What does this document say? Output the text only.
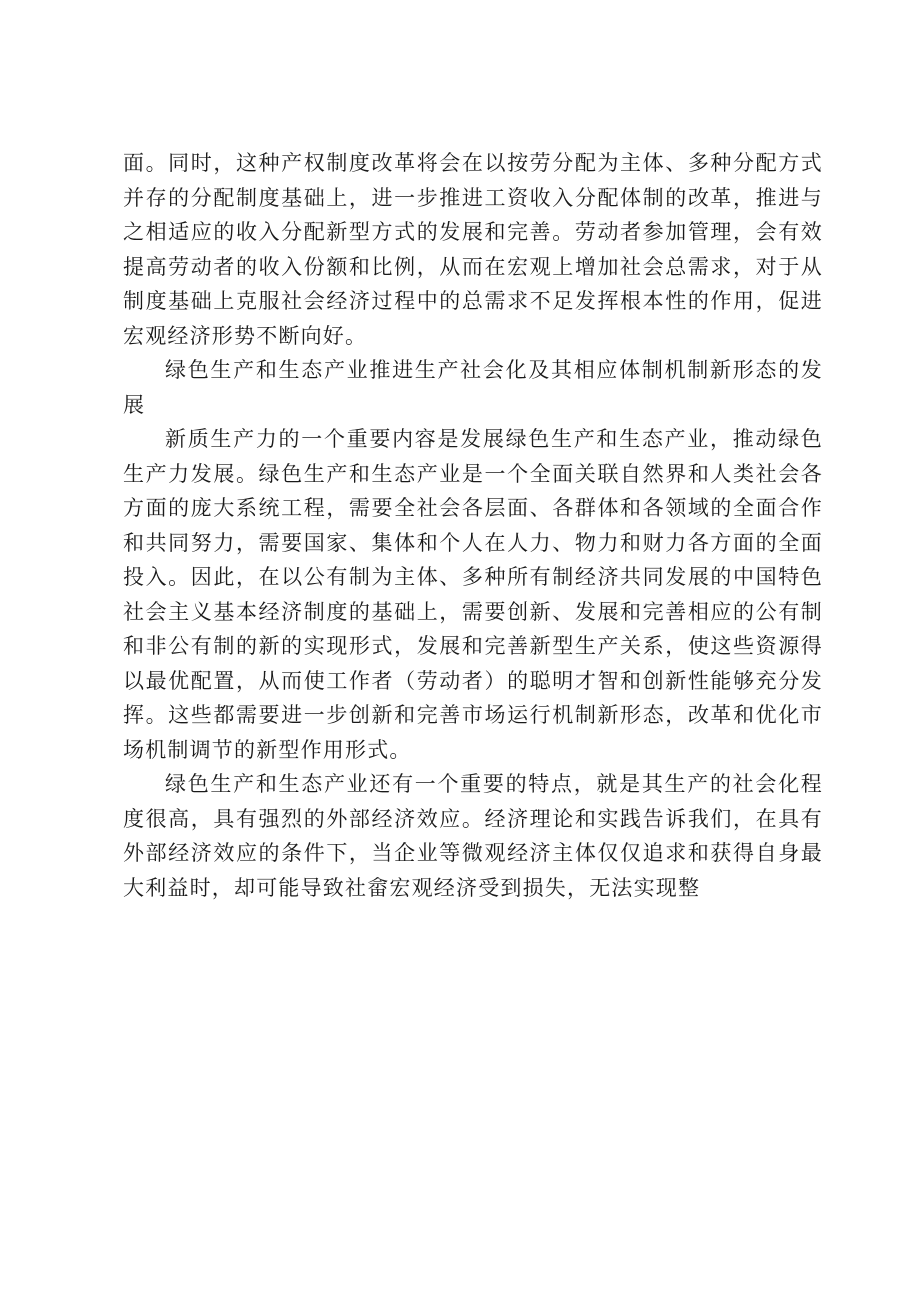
面。同时，这种产权制度改革将会在以按劳分配为主体、多种分配方式并存的分配制度基础上，进一步推进工资收入分配体制的改革，推进与之相适应的收入分配新型方式的发展和完善。劳动者参加管理，会有效提高劳动者的收入份额和比例，从而在宏观上增加社会总需求，对于从制度基础上克服社会经济过程中的总需求不足发挥根本性的作用，促进宏观经济形势不断向好。

绿色生产和生态产业推进生产社会化及其相应体制机制新形态的发展

新质生产力的一个重要内容是发展绿色生产和生态产业，推动绿色生产力发展。绿色生产和生态产业是一个全面关联自然界和人类社会各方面的庞大系统工程，需要全社会各层面、各群体和各领域的全面合作和共同努力，需要国家、集体和个人在人力、物力和财力各方面的全面投入。因此，在以公有制为主体、多种所有制经济共同发展的中国特色社会主义基本经济制度的基础上，需要创新、发展和完善相应的公有制和非公有制的新的实现形式，发展和完善新型生产关系，使这些资源得以最优配置，从而使工作者（劳动者）的聪明才智和创新性能够充分发挥。这些都需要进一步创新和完善市场运行机制新形态，改革和优化市场机制调节的新型作用形式。

绿色生产和生态产业还有一个重要的特点，就是其生产的社会化程度很高，具有强烈的外部经济效应。经济理论和实践告诉我们，在具有外部经济效应的条件下，当企业等微观经济主体仅仅追求和获得自身最大利益时，却可能导致社畲宏观经济受到损失，无法实现整
